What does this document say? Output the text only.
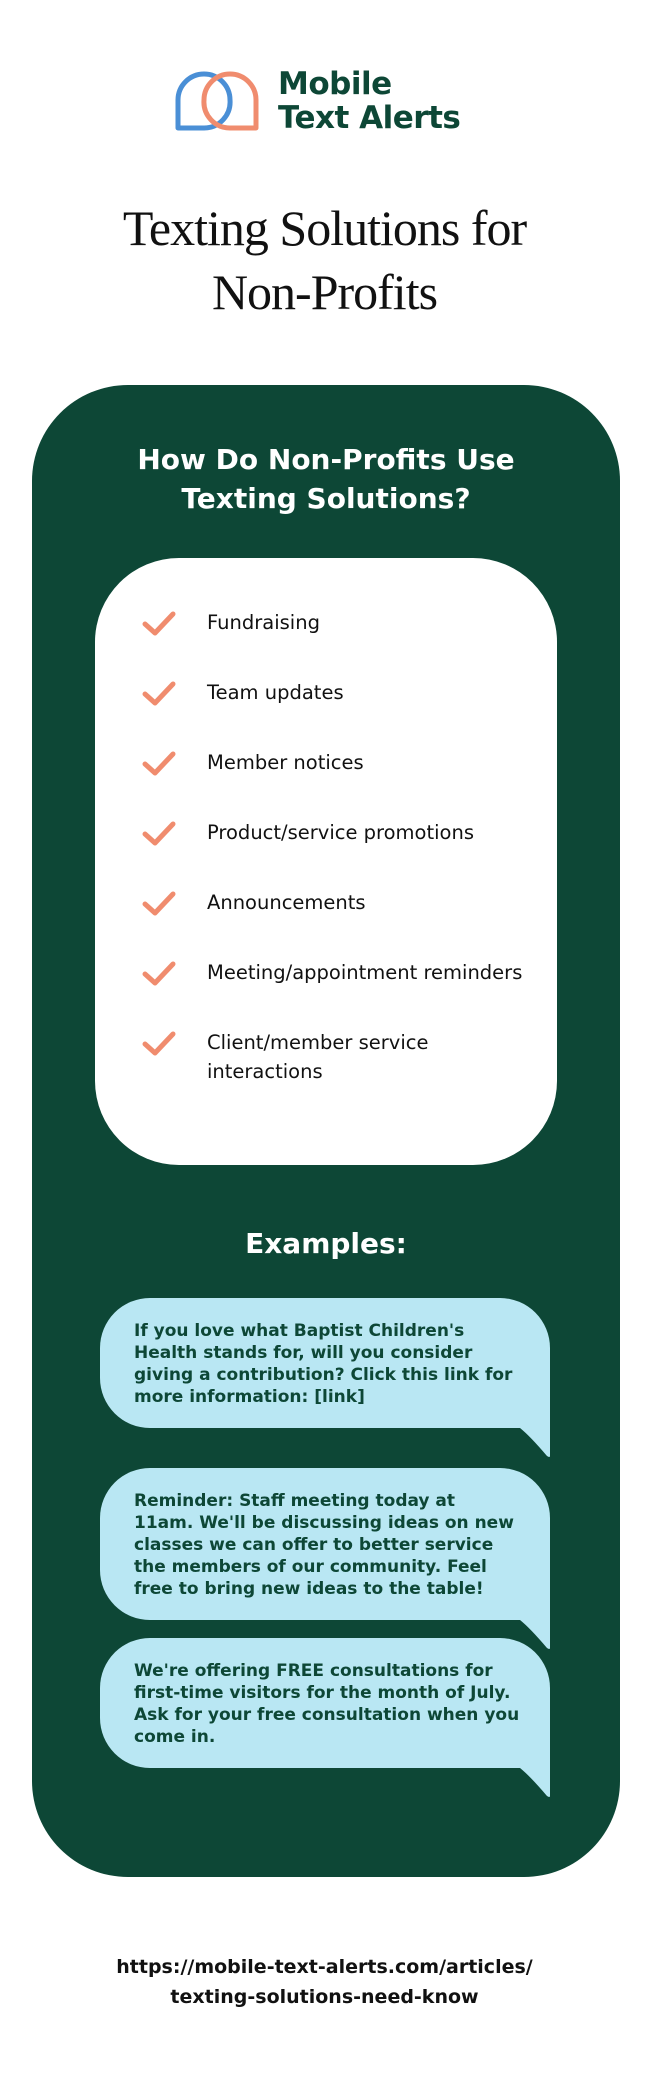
Mobile
Text Alerts
Texting Solutions for
Non-Profits
How Do Non-Profits Use
Texting Solutions?
Fundraising
Team updates
Member notices
Product/service promotions
Announcements
Meeting/appointment reminders
Client/member service interactions
Examples:
If you love what Baptist Children's Health stands for, will you consider giving a contribution? Click this link for more information: [link]
Reminder: Staff meeting today at 11am. We'll be discussing ideas on new classes we can offer to better service the members of our community. Feel free to bring new ideas to the table!
We're offering FREE consultations for first-time visitors for the month of July. Ask for your free consultation when you come in.
https://mobile-text-alerts.com/articles/
texting-solutions-need-know
